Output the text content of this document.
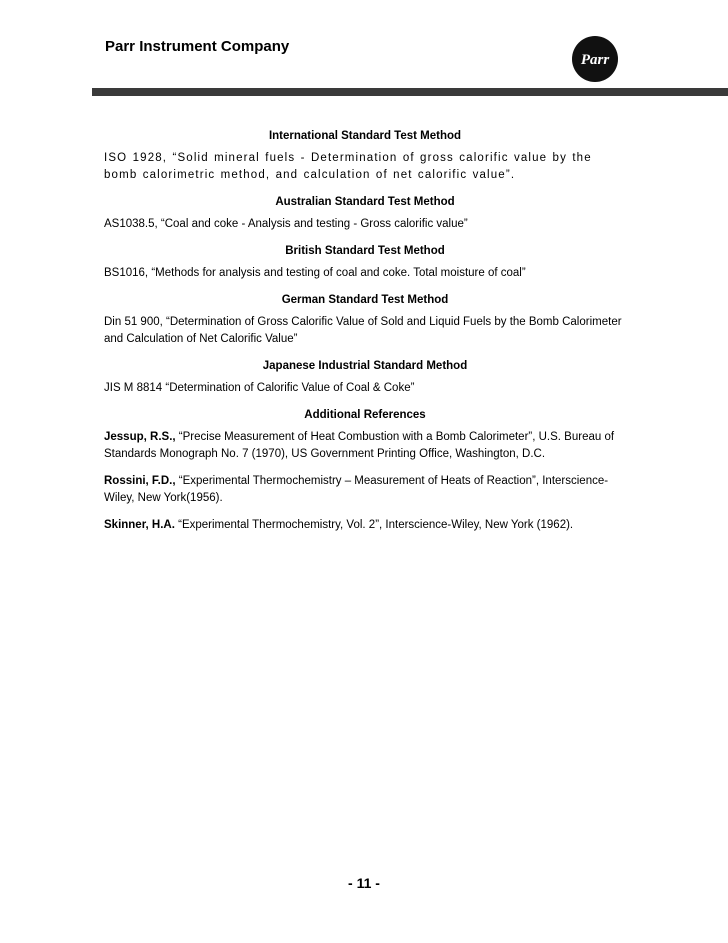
Parr Instrument Company
Parr
International Standard Test Method

ISO 1928, “Solid mineral fuels - Determination of gross calorific value by the bomb calorimetric method, and calculation of net calorific value”.

Australian Standard Test Method

AS1038.5, “Coal and coke - Analysis and testing - Gross calorific value”

British Standard Test Method

BS1016, “Methods for analysis and testing of coal and coke. Total moisture of coal”

German Standard Test Method

Din 51 900, “Determination of Gross Calorific Value of Sold and Liquid Fuels by the Bomb Calorimeter and Calculation of Net Calorific Value”

Japanese Industrial Standard Method

JIS M 8814 “Determination of Calorific Value of Coal & Coke”

Additional References

Jessup, R.S., “Precise Measurement of Heat Combustion with a Bomb Calorimeter”, U.S. Bureau of Standards Monograph No. 7 (1970), US Government Printing Office, Washington, D.C.

Rossini, F.D., “Experimental Thermochemistry – Measurement of Heats of Reaction”, Interscience-Wiley, New York(1956).

Skinner, H.A. “Experimental Thermochemistry, Vol. 2”, Interscience-Wiley, New York (1962).

- 11 -
